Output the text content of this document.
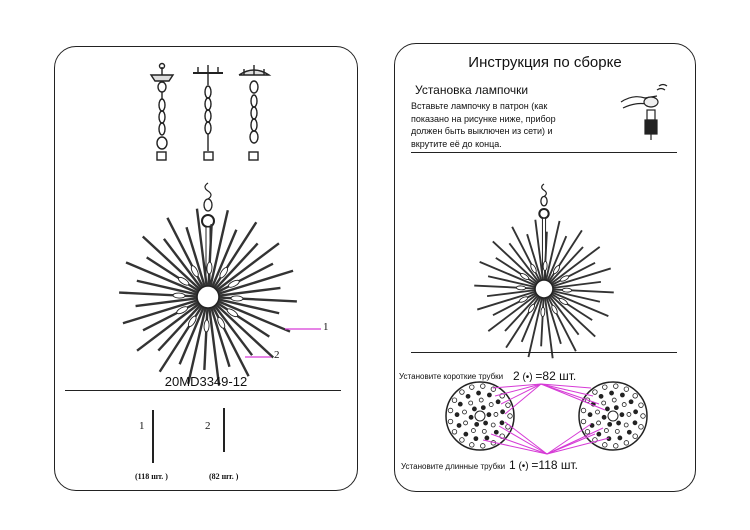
1
2
20MD3349-12
1	2
(118 шт. )	(82 шт. )
Инструкция по сборке
Установка лампочки
Вставьте лампочку в патрон (как показано на рисунке ниже, прибор должен быть выключен из сети) и вкрутите её до конца.
Установите короткие трубки 2 (•) =82 шт.
Установите длинные трубки 1 (•) =118 шт.
